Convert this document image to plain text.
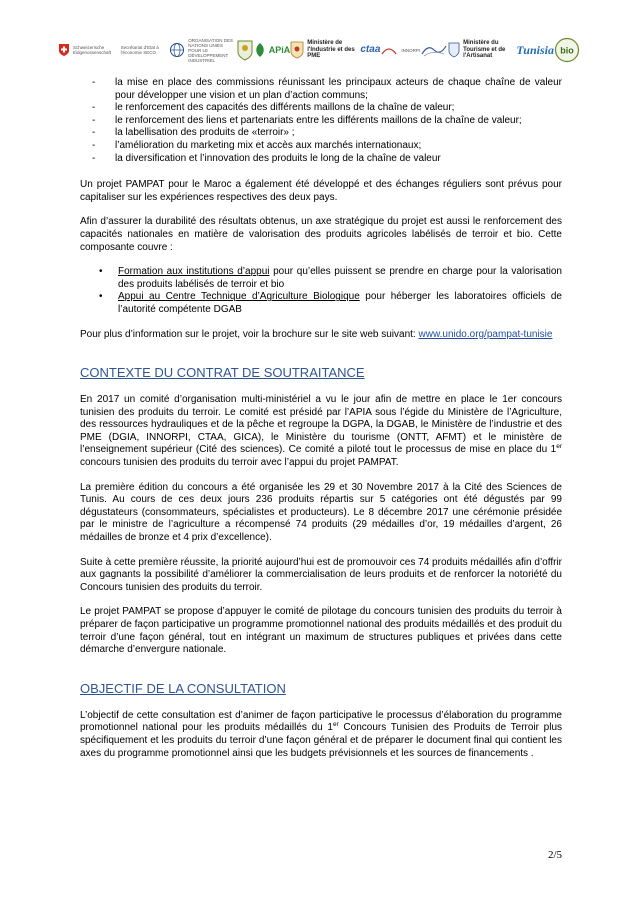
Schweizerische Eidgenossenschaft
Secrétariat d'Etat à l'économie SECO
ORGANISATION DES NATIONS UNIES POUR LE DÉVELOPPEMENT INDUSTRIEL
APiA
Ministère de l'Industrie et des PME
ctaa	INNORPI
Ministère du Tourisme et de l'Artisanat	Tunisia bio
- la mise en place des commissions réunissant les principaux acteurs de chaque chaîne de valeur pour développer une vision et un plan d’action communs;
- le renforcement des capacités des différents maillons de la chaîne de valeur;
- le renforcement des liens et partenariats entre les différents maillons de la chaîne de valeur;
- la labellisation des produits de «terroir» ;
- l’amélioration du marketing mix et accès aux marchés internationaux;
- la diversification et l’innovation des produits le long de la chaîne de valeur

Un projet PAMPAT pour le Maroc a également été développé et des échanges réguliers sont prévus pour capitaliser sur les expériences respectives des deux pays.

Afin d’assurer la durabilité des résultats obtenus, un axe stratégique du projet est aussi le renforcement des capacités nationales en matière de valorisation des produits agricoles labélisés de terroir et bio. Cette composante couvre :

• Formation aux institutions d’appui pour qu’elles puissent se prendre en charge pour la valorisation des produits labélisés de terroir et bio
• Appui au Centre Technique d’Agriculture Biologique pour héberger les laboratoires officiels de l’autorité compétente DGAB

Pour plus d’information sur le projet, voir la brochure sur le site web suivant: www.unido.org/pampat-tunisie

CONTEXTE DU CONTRAT DE SOUTRAITANCE

En 2017 un comité d’organisation multi-ministériel a vu le jour afin de mettre en place le 1er concours tunisien des produits du terroir. Le comité est présidé par l’APIA sous l’égide du Ministère de l’Agriculture, des ressources hydrauliques et de la pêche et regroupe la DGPA, la DGAB, le Ministère de l’industrie et des PME (DGIA, INNORPI, CTAA, GICA), le Ministère du tourisme (ONTT, AFMT) et le ministère de l’enseignement supérieur (Cité des sciences). Ce comité a piloté tout le processus de mise en place du 1er concours tunisien des produits du terroir avec l’appui du projet PAMPAT.

La première édition du concours a été organisée les 29 et 30 Novembre 2017 à la Cité des Sciences de Tunis. Au cours de ces deux jours 236 produits répartis sur 5 catégories ont été dégustés par 99 dégustateurs (consommateurs, spécialistes et producteurs). Le 8 décembre 2017 une cérémonie présidée par le ministre de l’agriculture a récompensé 74 produits (29 médailles d’or, 19 médailles d’argent, 26 médailles de bronze et 4 prix d’excellence).

Suite à cette première réussite, la priorité aujourd’hui est de promouvoir ces 74 produits médaillés afin d’offrir aux gagnants la possibilité d’améliorer la commercialisation de leurs produits et de renforcer la notoriété du Concours tunisien des produits du terroir.

Le projet PAMPAT se propose d’appuyer le comité de pilotage du concours tunisien des produits du terroir à préparer de façon participative un programme promotionnel national des produits médaillés et des produit du terroir d’une façon général, tout en intégrant un maximum de structures publiques et privées dans cette démarche d’envergure nationale.

OBJECTIF DE LA CONSULTATION

L’objectif de cette consultation est d’animer de façon participative le processus d’élaboration du programme promotionnel national pour les produits médaillés du 1er Concours Tunisien des Produits de Terroir plus spécifiquement et les produits du terroir d’une façon général et de préparer le document final qui contient les axes du programme promotionnel ainsi que les budgets prévisionnels et les sources de financements .

2/5
